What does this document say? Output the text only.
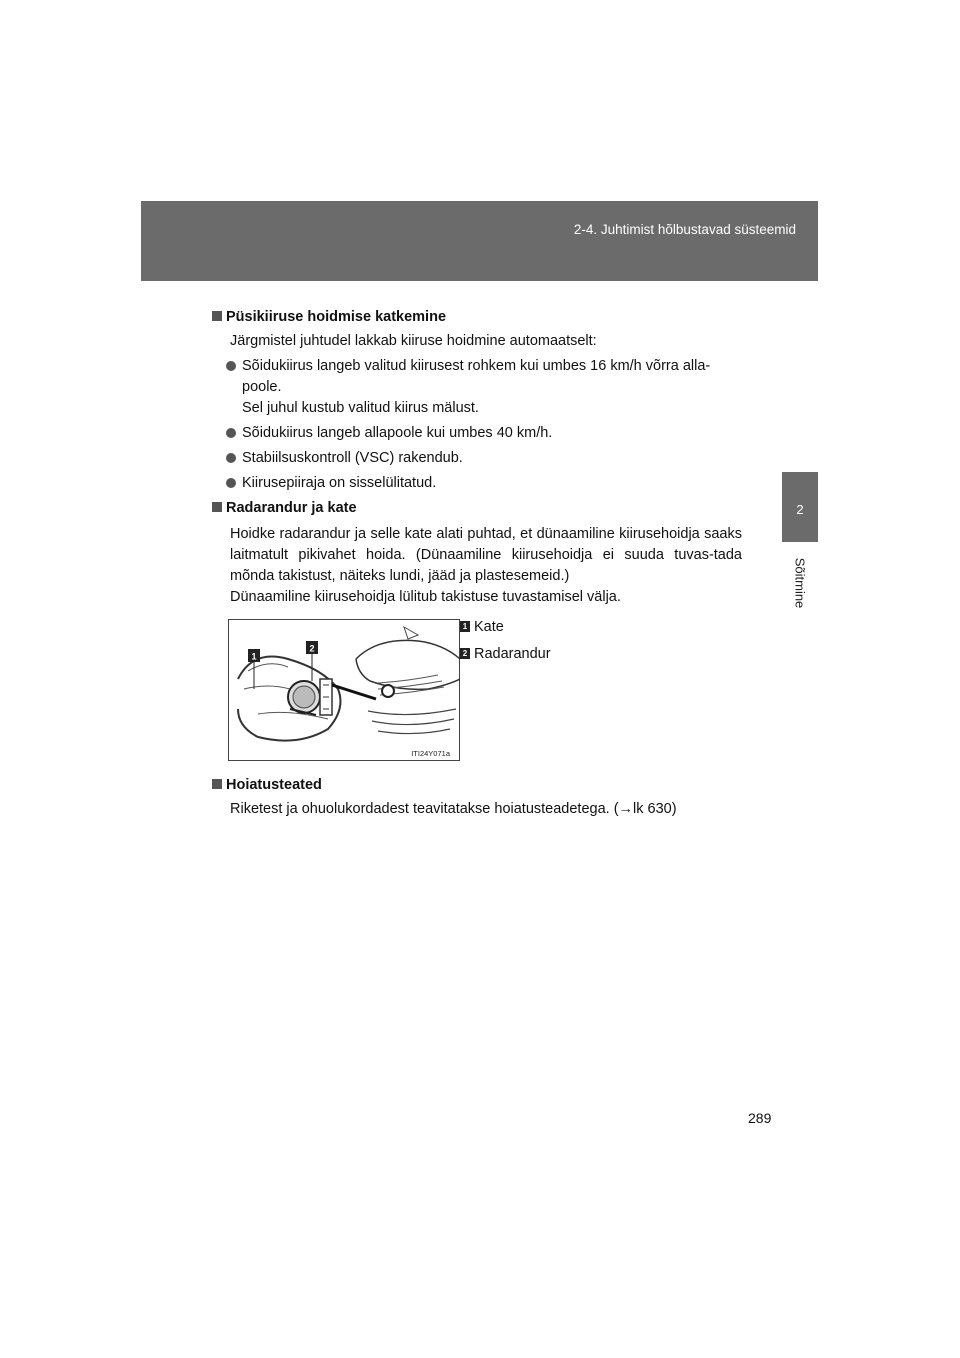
2-4. Juhtimist hõlbustavad süsteemid
2
Sõitmine

Püsikiiruse hoidmise katkemine

Järgmistel juhtudel lakkab kiiruse hoidmine automaatselt:

Sõidukiirus langeb valitud kiirusest rohkem kui umbes 16 km/h võrra alla-
poole.
Sel juhul kustub valitud kiirus mälust.
Sõidukiirus langeb allapoole kui umbes 40 km/h.
Stabiilsuskontroll (VSC) rakendub.
Kiirusepiiraja on sisselülitatud.

Radarandur ja kate

Hoidke radarandur ja selle kate alati puhtad, et dünaamiline kiirusehoidja saaks laitmatult pikivahet hoida. (Dünaamiline kiirusehoidja ei suuda tuvas-tada mõnda takistust, näiteks lundi, jääd ja plastesemeid.)

Dünaamiline kiirusehoidja lülitub takistuse tuvastamisel välja.

1
2
ITI24Y071a
1 Kate
2 Radarandur

Hoiatusteated

Riketest ja ohuolukordadest teavitatakse hoiatusteadetega. (→lk 630)

289
